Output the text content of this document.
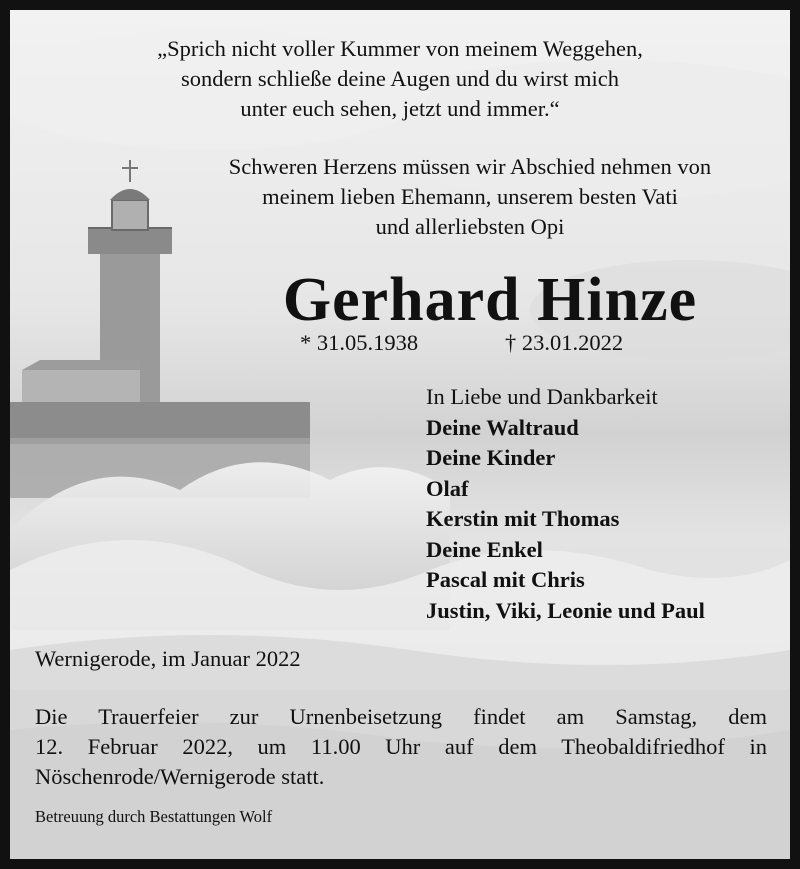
„Sprich nicht voller Kummer von meinem Weggehen,
sondern schließe deine Augen und du wirst mich
unter euch sehen, jetzt und immer.“
Schweren Herzens müssen wir Abschied nehmen von
meinem lieben Ehemann, unserem besten Vati
und allerliebsten Opi
Gerhard Hinze
* 31.05.1938	† 23.01.2022
In Liebe und Dankbarkeit
Deine Waltraud
Deine Kinder
Olaf
Kerstin mit Thomas
Deine Enkel
Pascal mit Chris
Justin, Viki, Leonie und Paul
Wernigerode, im Januar 2022
Die Trauerfeier zur Urnenbeisetzung findet am Samstag, dem
12. Februar 2022, um 11.00 Uhr auf dem Theobaldifriedhof in
Nöschenrode/Wernigerode statt.
Betreuung durch Bestattungen Wolf
